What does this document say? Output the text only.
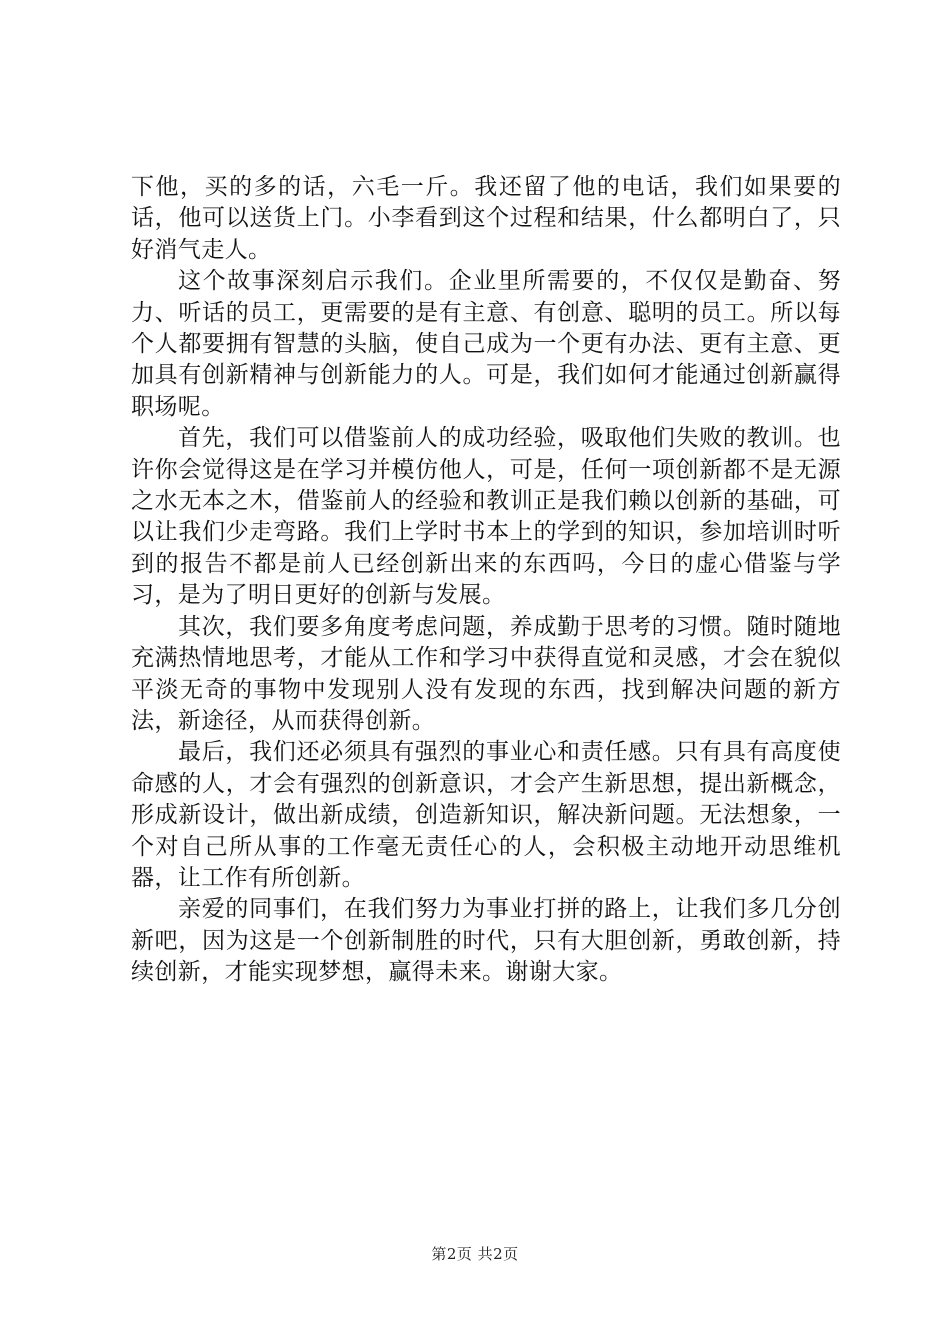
下他，买的多的话，六毛一斤。我还留了他的电话，我们如果要的话，他可以送货上门。小李看到这个过程和结果，什么都明白了，只好消气走人。

这个故事深刻启示我们。企业里所需要的，不仅仅是勤奋、努力、听话的员工，更需要的是有主意、有创意、聪明的员工。所以每个人都要拥有智慧的头脑，使自己成为一个更有办法、更有主意、更加具有创新精神与创新能力的人。可是，我们如何才能通过创新赢得职场呢。

首先，我们可以借鉴前人的成功经验，吸取他们失败的教训。也许你会觉得这是在学习并模仿他人，可是，任何一项创新都不是无源之水无本之木，借鉴前人的经验和教训正是我们赖以创新的基础，可以让我们少走弯路。我们上学时书本上的学到的知识，参加培训时听到的报告不都是前人已经创新出来的东西吗，今日的虚心借鉴与学习，是为了明日更好的创新与发展。

其次，我们要多角度考虑问题，养成勤于思考的习惯。随时随地充满热情地思考，才能从工作和学习中获得直觉和灵感，才会在貌似平淡无奇的事物中发现别人没有发现的东西，找到解决问题的新方法，新途径，从而获得创新。

最后，我们还必须具有强烈的事业心和责任感。只有具有高度使命感的人，才会有强烈的创新意识，才会产生新思想，提出新概念，形成新设计，做出新成绩，创造新知识，解决新问题。无法想象，一个对自己所从事的工作毫无责任心的人，会积极主动地开动思维机器，让工作有所创新。

亲爱的同事们，在我们努力为事业打拼的路上，让我们多几分创新吧，因为这是一个创新制胜的时代，只有大胆创新，勇敢创新，持续创新，才能实现梦想，赢得未来。谢谢大家。

第2页 共2页
